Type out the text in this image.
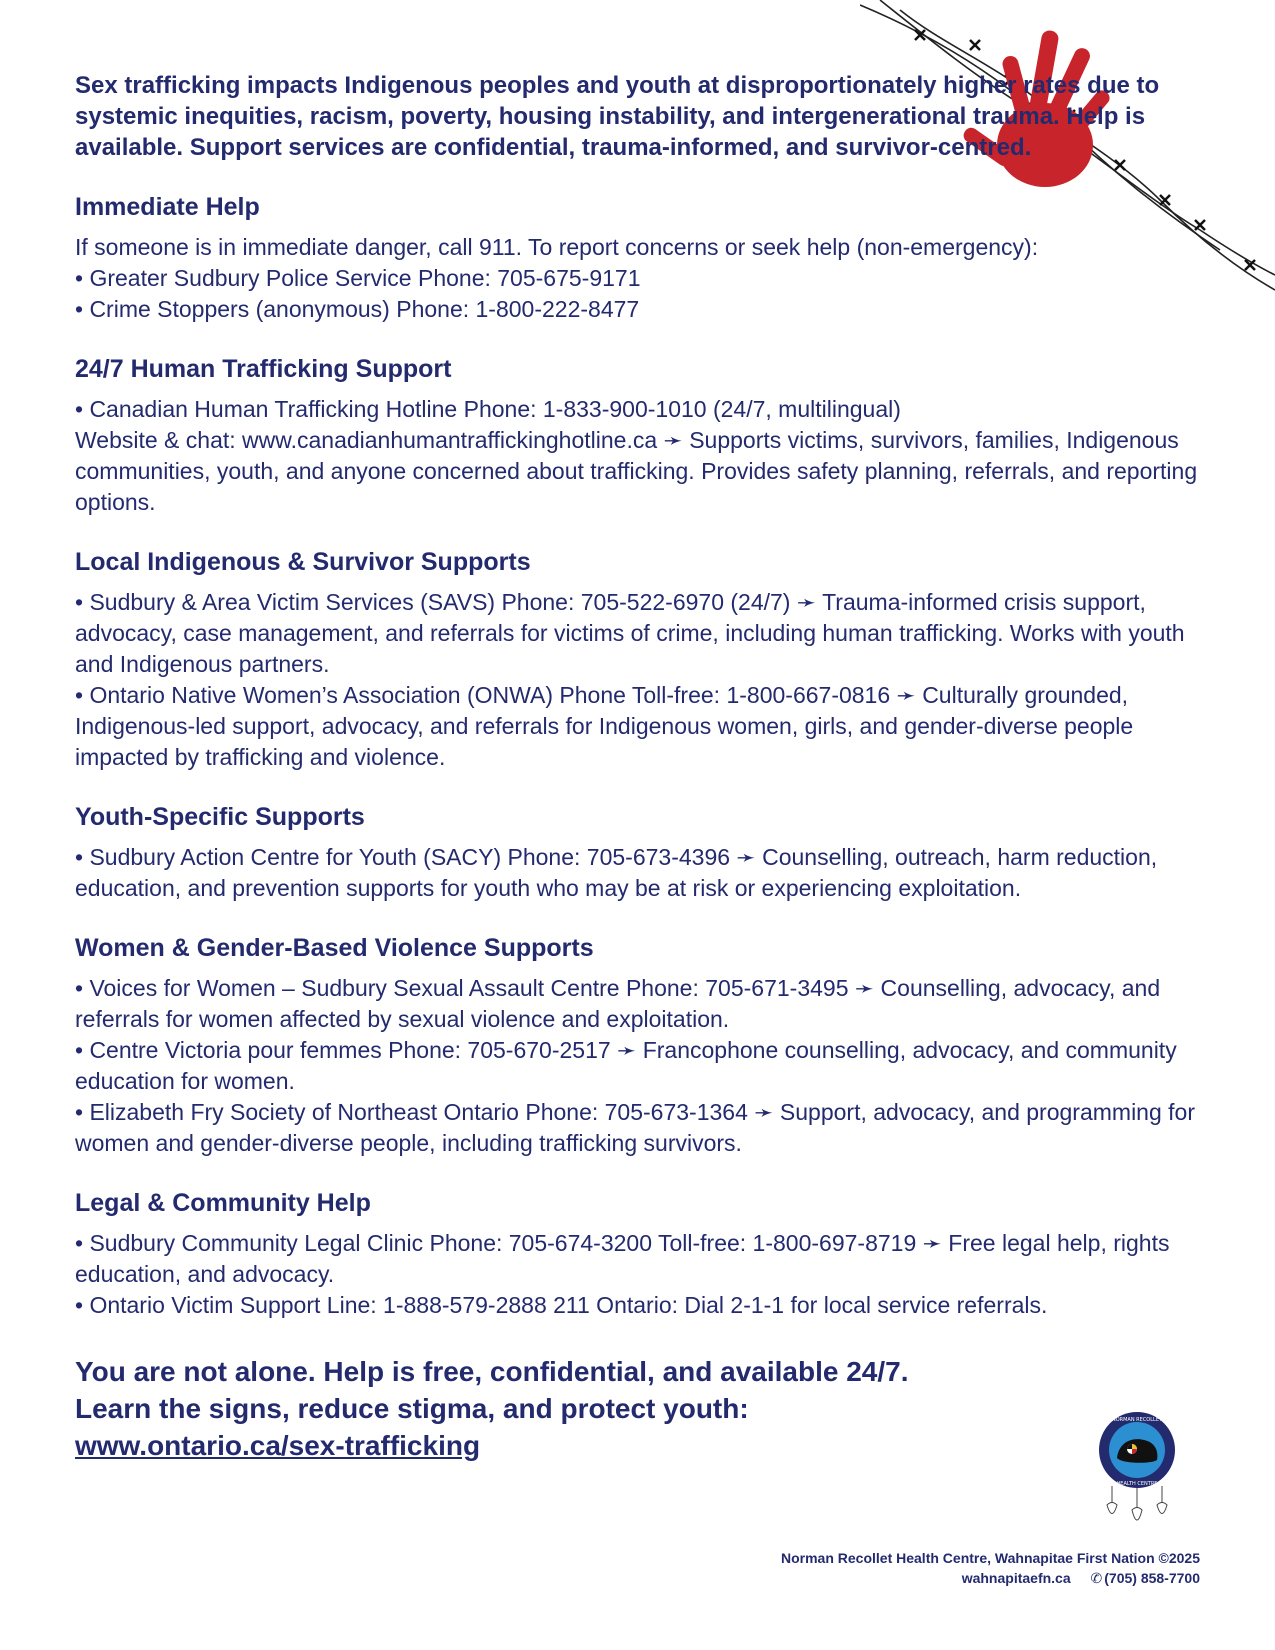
Sex trafficking impacts Indigenous peoples and youth at disproportionately higher rates due to systemic inequities, racism, poverty, housing instability, and intergenerational trauma. Help is available. Support services are confidential, trauma-informed, and survivor-centred.

Immediate Help

If someone is in immediate danger, call 911. To report concerns or seek help (non-emergency):

• Greater Sudbury Police Service Phone: 705-675-9171

• Crime Stoppers (anonymous) Phone: 1-800-222-8477

24/7 Human Trafficking Support

• Canadian Human Trafficking Hotline Phone: 1-833-900-1010 (24/7, multilingual)

Website & chat: www.canadianhumantraffickinghotline.ca ➛ Supports victims, survivors, families, Indigenous communities, youth, and anyone concerned about trafficking. Provides safety planning, referrals, and reporting options.

Local Indigenous & Survivor Supports

• Sudbury & Area Victim Services (SAVS) Phone: 705-522-6970 (24/7) ➛ Trauma-informed crisis support, advocacy, case management, and referrals for victims of crime, including human trafficking. Works with youth and Indigenous partners.

• Ontario Native Women’s Association (ONWA) Phone Toll-free: 1-800-667-0816 ➛ Culturally grounded, Indigenous-led support, advocacy, and referrals for Indigenous women, girls, and gender-diverse people impacted by trafficking and violence.

Youth-Specific Supports

• Sudbury Action Centre for Youth (SACY) Phone: 705-673-4396 ➛ Counselling, outreach, harm reduction, education, and prevention supports for youth who may be at risk or experiencing exploitation.

Women & Gender-Based Violence Supports

• Voices for Women – Sudbury Sexual Assault Centre Phone: 705-671-3495 ➛ Counselling, advocacy, and referrals for women affected by sexual violence and exploitation.

• Centre Victoria pour femmes Phone: 705-670-2517 ➛ Francophone counselling, advocacy, and community education for women.

• Elizabeth Fry Society of Northeast Ontario Phone: 705-673-1364 ➛ Support, advocacy, and programming for women and gender-diverse people, including trafficking survivors.

Legal & Community Help

• Sudbury Community Legal Clinic Phone: 705-674-3200 Toll-free: 1-800-697-8719 ➛ Free legal help, rights education, and advocacy.

• Ontario Victim Support Line: 1-888-579-2888 211 Ontario: Dial 2-1-1 for local service referrals.

You are not alone. Help is free, confidential, and available 24/7.
Learn the signs, reduce stigma, and protect youth:
www.ontario.ca/sex-trafficking
NORMAN RECOLLET
HEALTH CENTRE
Norman Recollet Health Centre, Wahnapitae First Nation ©2025
wahnapitaefn.ca ✆ (705) 858-7700
